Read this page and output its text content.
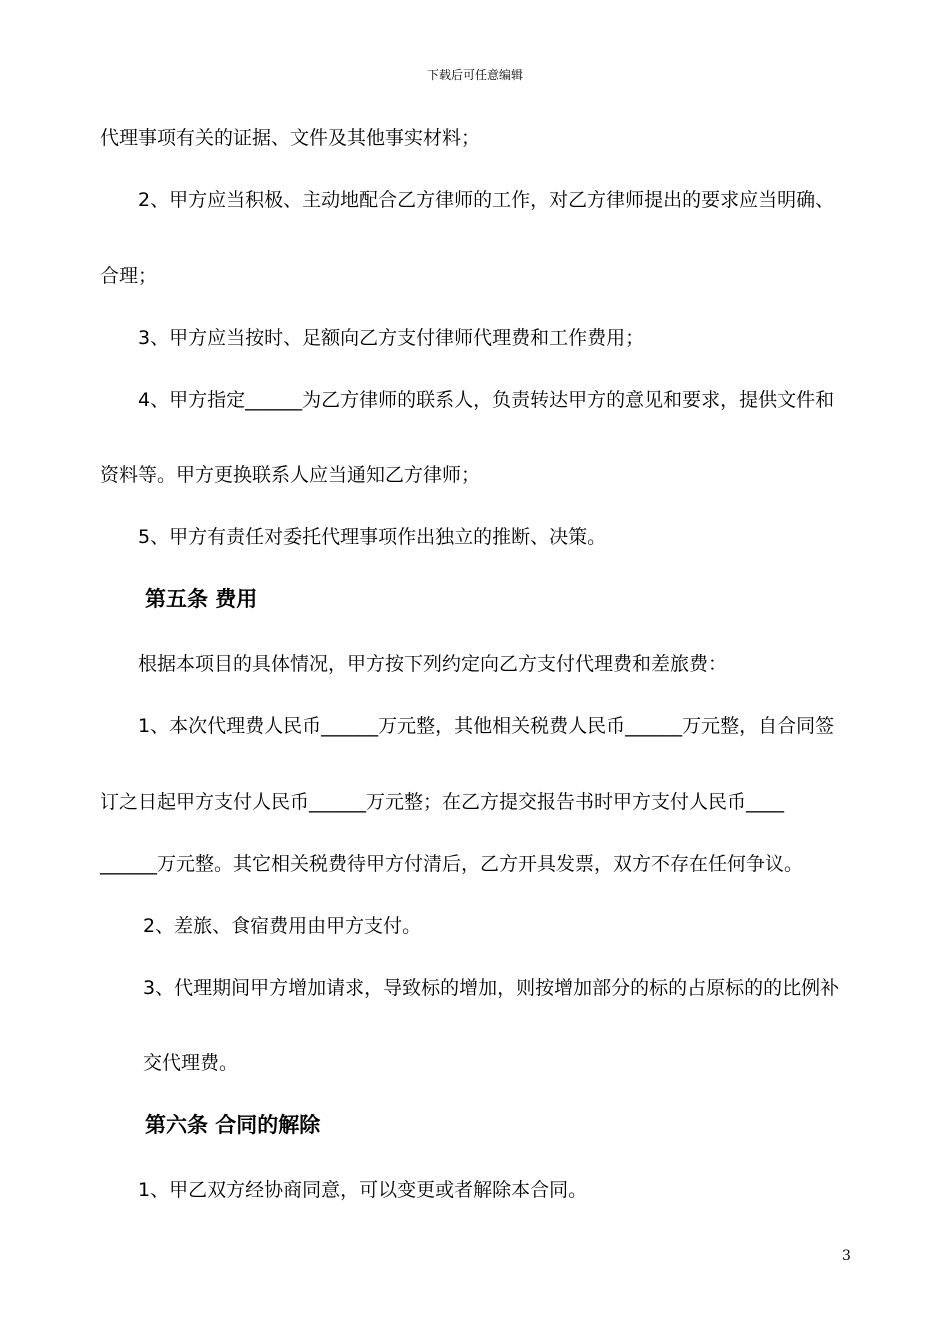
下载后可任意编辑
代理事项有关的证据、文件及其他事实材料；
2、甲方应当积极、主动地配合乙方律师的工作，对乙方律师提出的要求应当明确、
合理；
3、甲方应当按时、足额向乙方支付律师代理费和工作费用；
4、甲方指定______为乙方律师的联系人，负责转达甲方的意见和要求，提供文件和
资料等。甲方更换联系人应当通知乙方律师；
5、甲方有责任对委托代理事项作出独立的推断、决策。
第五条 费用
根据本项目的具体情况，甲方按下列约定向乙方支付代理费和差旅费：
1、本次代理费人民币______万元整，其他相关税费人民币______万元整，自合同签
订之日起甲方支付人民币______万元整；在乙方提交报告书时甲方支付人民币____
______万元整。其它相关税费待甲方付清后，乙方开具发票，双方不存在任何争议。
2、差旅、食宿费用由甲方支付。
3、代理期间甲方增加请求，导致标的增加，则按增加部分的标的占原标的的比例补
交代理费。
第六条 合同的解除
1、甲乙双方经协商同意，可以变更或者解除本合同。
3
